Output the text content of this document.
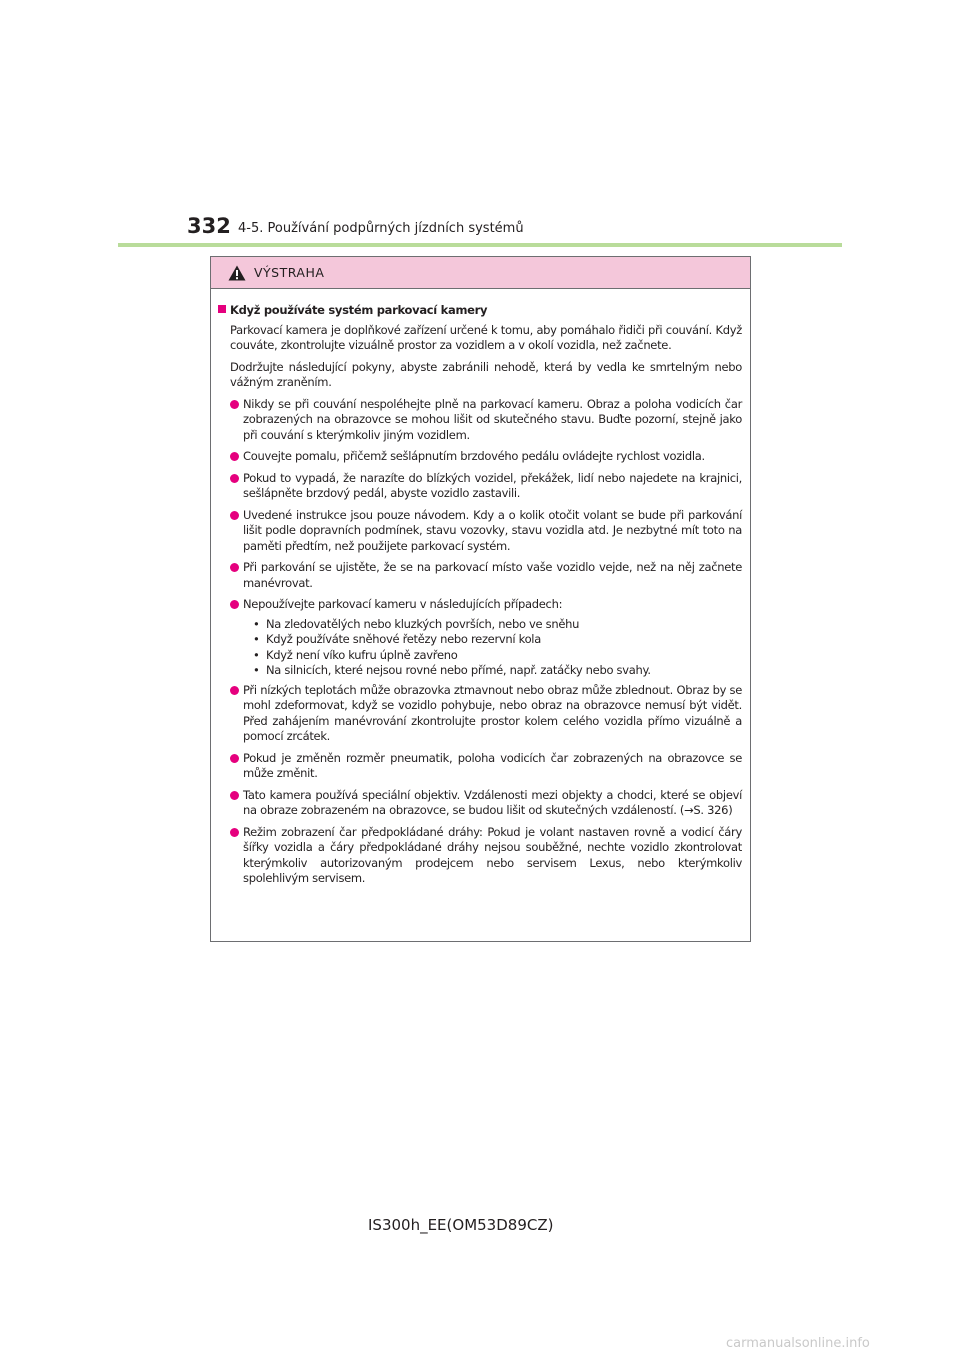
332 4-5. Používání podpůrných jízdních systémů
VÝSTRAHA
Když používáte systém parkovací kamery

Parkovací kamera je doplňkové zařízení určené k tomu, aby pomáhalo řidiči při couvání. Když couváte, zkontrolujte vizuálně prostor za vozidlem a v okolí vozidla, než začnete.

Dodržujte následující pokyny, abyste zabránili nehodě, která by vedla ke smrtelným nebo vážným zraněním.

Nikdy se při couvání nespoléhejte plně na parkovací kameru. Obraz a poloha vodicích čar zobrazených na obrazovce se mohou lišit od skutečného stavu. Buďte pozorní, stejně jako při couvání s kterýmkoliv jiným vozidlem.
Couvejte pomalu, přičemž sešlápnutím brzdového pedálu ovládejte rychlost vozidla.
Pokud to vypadá, že narazíte do blízkých vozidel, překážek, lidí nebo najedete na krajnici, sešlápněte brzdový pedál, abyste vozidlo zastavili.
Uvedené instrukce jsou pouze návodem. Kdy a o kolik otočit volant se bude při parkování lišit podle dopravních podmínek, stavu vozovky, stavu vozidla atd. Je nezbytné mít toto na paměti předtím, než použijete parkovací systém.
Při parkování se ujistěte, že se na parkovací místo vaše vozidlo vejde, než na něj začnete manévrovat.
Nepoužívejte parkovací kameru v následujících případech:
• Na zledovatělých nebo kluzkých površích, nebo ve sněhu
• Když používáte sněhové řetězy nebo rezervní kola
• Když není víko kufru úplně zavřeno
• Na silnicích, které nejsou rovné nebo přímé, např. zatáčky nebo svahy.
Při nízkých teplotách může obrazovka ztmavnout nebo obraz může zblednout. Obraz by se mohl zdeformovat, když se vozidlo pohybuje, nebo obraz na obrazovce nemusí být vidět. Před zahájením manévrování zkontrolujte prostor kolem celého vozidla přímo vizuálně a pomocí zrcátek.
Pokud je změněn rozměr pneumatik, poloha vodicích čar zobrazených na obrazovce se může změnit.
Tato kamera používá speciální objektiv. Vzdálenosti mezi objekty a chodci, které se objeví na obraze zobrazeném na obrazovce, se budou lišit od skutečných vzdáleností. (→S. 326)
Režim zobrazení čar předpokládané dráhy: Pokud je volant nastaven rovně a vodicí čáry šířky vozidla a čáry předpokládané dráhy nejsou souběžné, nechte vozidlo zkontrolovat kterýmkoliv autorizovaným prodejcem nebo servisem Lexus, nebo kterýmkoliv spolehlivým servisem.
IS300h_EE(OM53D89CZ)
carmanualsonline.info
